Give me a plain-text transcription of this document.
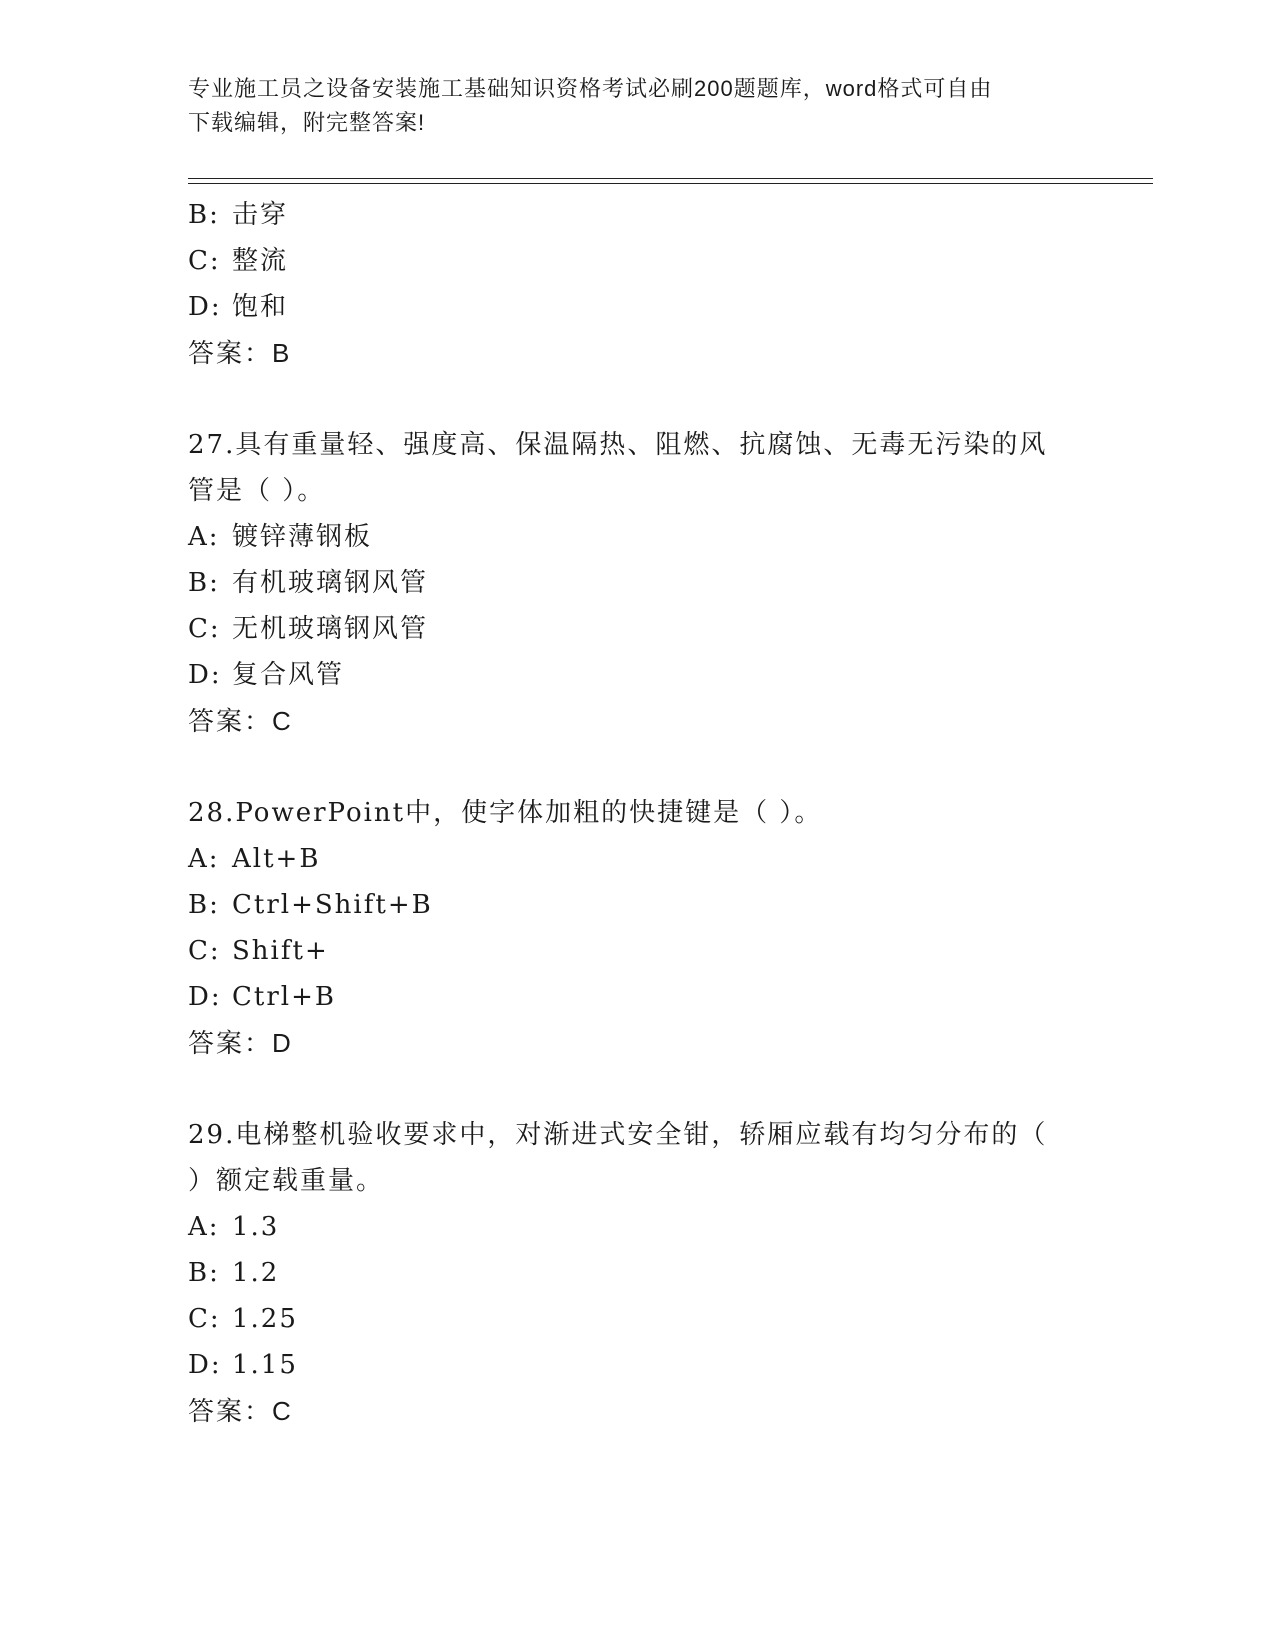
专业施工员之设备安装施工基础知识资格考试必刷200题题库，word格式可自由
下载编辑，附完整答案!
B: 击穿
C: 整流
D: 饱和
答案：B
27.具有重量轻、强度高、保温隔热、阻燃、抗腐蚀、无毒无污染的风
管是（ ）。
A: 镀锌薄钢板
B: 有机玻璃钢风管
C: 无机玻璃钢风管
D: 复合风管
答案：C
28.PowerPoint中，使字体加粗的快捷键是（ ）。
A: Alt+B
B: Ctrl+Shift+B
C: Shift+
D: Ctrl+B
答案：D
29.电梯整机验收要求中，对渐进式安全钳，轿厢应载有均匀分布的（
）额定载重量。
A: 1.3
B: 1.2
C: 1.25
D: 1.15
答案：C
